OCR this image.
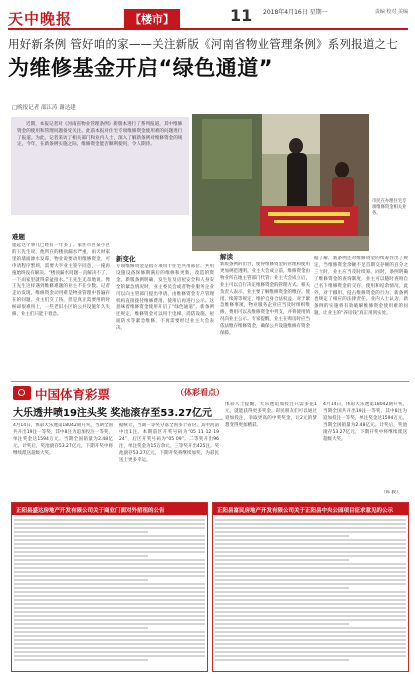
天中晚报	【楼市】	11 2018年4月16日 星期一	责编 校对 美编
用好新条例 管好咱的家——关注新版《河南省物业管理条例》系列报道之七
为维修基金开启“绿色通道”
□晚报记者 邵江涛 谢达建

近期，本报记者对《河南省物业管理条例》新版本进行了系列报道，其中维修资金的使用和管理问题备受关注。此前本报对住宅专项维修资金使用难的问题进行了报道。为此，记者采访了相关部门和业内人士，深入了解新条例对维修资金的规定。今年，在新条例实施之际，维修资金能否顺利使用，令人期待。

市民在办理住宅专项维修资金相关业务。
难题
新变化	解读
提起这个事儿已经有一年多了。家住市区某小区的王先生说，他所在的楼顶漏水严重，雨天时家里的墙面渗水发霉，物业说要动用维修资金，可申请程序繁琐，需要大半业主签字同意，一拖再拖始终没有解决。“楼顶漏水问题一直解决不了，一下雨家里就得拿盆接水。”王先生无奈地说。像王先生这样遇到维修难题的业主不在少数。记者走访发现，维修资金动用难是物业管理中普遍存在的问题。业主们交了钱，但是真正需要用的时候却很难用上，一些老旧小区的公共设施年久失修，业主们只能干着急。
专项维修资金是指专项用于住宅共用部位、共用设施设备保修期满后的维修和更新、改造的资金。新版条例明确，发生危及房屋安全和人身安全的紧急情况时，业主委员会或者物业服务企业可以向主管部门提出申请，由维修资金专户管理机构直接拨付维修费用，使用后再进行公示。这意味着维修资金使用开启了“绿色通道”。新条例还规定，维修资金可以用于电梯、消防设施、屋面防水等紧急维修，不再需要经过业主大会表决。
新版条例的出台，使得维修资金的管理和使用更加规范透明。业主大会成立前，维修资金由物业所在地主管部门代管；业主大会成立后，业主可以自行决定维修资金的管理方式。相关负责人表示，业主要了解维修资金的缴存、使用、续筹等规定，维护自身合法权益。对于紧急维修事项，物业服务企业应当及时组织维修，费用可以从维修资金中列支，并将使用情况向业主公示。专家提醒，业主在购房时应当依法缴存维修资金，确保公共设施维修有资金保障。
据了解，新条例还对维修资金的续筹作出了规定，当维修资金余额不足首期交存额的百分之三十时，业主应当及时续筹。同时，条例明确了维修资金的查询制度，业主可以随时查询自己名下维修资金的交存、使用和结余情况。此外，对于挪用、侵占维修资金的行为，新条例也规定了相应的法律责任。业内人士认为，新条例的实施将有效破解维修资金使用难的问题，让业主的“养房钱”真正用到实处。
中国体育彩票	（体彩看点）
大乐透井喷19注头奖 奖池滚存至53.27亿元
4月14日，体彩大乐透第18042期开奖。当期全国共开出19注一等奖，其中8注为追加投注一等奖，单注奖金达1594万元。当期全国销量为2.48亿元。计奖后，奖池滚存53.27亿元，下期开奖中将继续派送超级大奖。
据统计，当期一等奖分落全国多个省份，其中河南中出1注。本期前区开奖号码为“05 11 12 19 24”，后区开奖号码为“05 09”。二等奖开出96注，单注奖金为15万余元。三等奖开出425注。奖池滚存53.27亿元，下期开奖将继续加奖，为彩民送上更多幸运。
体彩人士提醒，大乐透追加投注只需多花1元，就能获得更多奖金。彩民朋友们可以通过追加投注，争取更高的中奖奖金，让2元的梦想变得更加精彩。
4月14日，体彩大乐透第18042期开奖。当期全国共开出19注一等奖，其中8注为追加投注一等奖，单注奖金达1594万元。当期全国销量为2.48亿元。计奖后，奖池滚存53.27亿元，下期开奖中将继续派送超级大奖。
（陈 毅）
正阳县盛达房地产开发有限公司关于商业门面对外招租的公告	正阳县富民房地产开发有限公司关于正阳县中央公园项目征求意见的公示
